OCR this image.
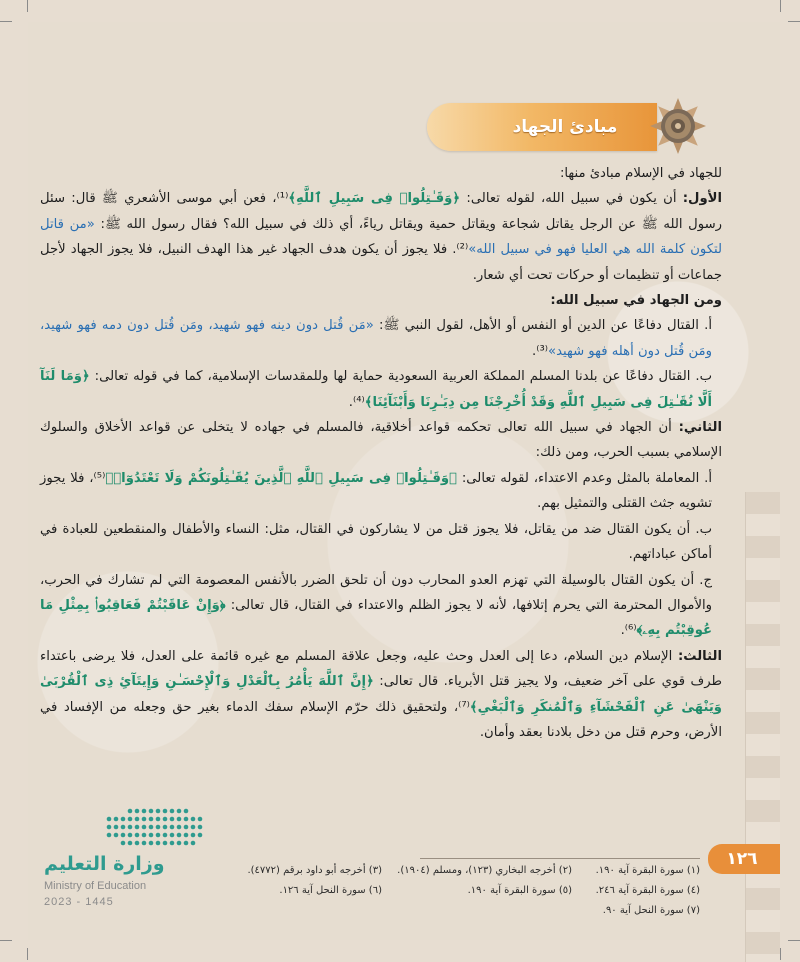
مبادئ الجهاد

للجهاد في الإسلام مبادئ منها:

الأول: أن يكون في سبيل الله، لقوله تعالى: ﴿وَقَـٰتِلُوا۟ فِى سَبِيلِ ٱللَّهِ﴾⁽¹⁾، فعن أبي موسى الأشعري ﷺ قال: سئل رسول الله ﷺ عن الرجل يقاتل شجاعة ويقاتل حمية ويقاتل رياءً، أي ذلك في سبيل الله؟ فقال رسول الله ﷺ: «من قاتل لتكون كلمة الله هي العليا فهو في سبيل الله»⁽²⁾. فلا يجوز أن يكون هدف الجهاد غير هذا الهدف النبيل، فلا يجوز الجهاد لأجل جماعات أو تنظيمات أو حركات تحت أي شعار.

ومن الجهاد في سبيل الله:

أ. القتال دفاعًا عن الدين أو النفس أو الأهل، لقول النبي ﷺ: «مَن قُتل دون دينه فهو شهيد، ومَن قُتل دون دمه فهو شهيد، ومَن قُتل دون أهله فهو شهيد»⁽³⁾.

ب. القتال دفاعًا عن بلدنا المسلم المملكة العربية السعودية حماية لها وللمقدسات الإسلامية، كما في قوله تعالى: ﴿وَمَا لَنَآ أَلَّا نُقَـٰتِلَ فِى سَبِيلِ ٱللَّهِ وَقَدْ أُخْرِجْنَا مِن دِيَـٰرِنَا وَأَبْنَآئِنَا﴾⁽⁴⁾.

الثاني: أن الجهاد في سبيل الله تعالى تحكمه قواعد أخلاقية، فالمسلم في جهاده لا يتخلى عن قواعد الأخلاق والسلوك الإسلامي بسبب الحرب، ومن ذلك:

أ. المعاملة بالمثل وعدم الاعتداء، لقوله تعالى: ﴿وَقَـٰتِلُوا۟ فِى سَبِيلِ ٱللَّهِ ٱلَّذِينَ يُقَـٰتِلُونَكُمْ وَلَا تَعْتَدُوٓا۟﴾⁽⁵⁾، فلا يجوز تشويه جثث القتلى والتمثيل بهم.

ب. أن يكون القتال ضد من يقاتل، فلا يجوز قتل من لا يشاركون في القتال، مثل: النساء والأطفال والمنقطعين للعبادة في أماكن عباداتهم.

ج. أن يكون القتال بالوسيلة التي تهزم العدو المحارب دون أن تلحق الضرر بالأنفس المعصومة التي لم تشارك في الحرب، والأموال المحترمة التي يحرم إتلافها، لأنه لا يجوز الظلم والاعتداء في القتال، قال تعالى: ﴿وَإِنْ عَاقَبْتُمْ فَعَاقِبُوا۟ بِمِثْلِ مَا عُوقِبْتُم بِهِۦ﴾⁽⁶⁾.

الثالث: الإسلام دين السلام، دعا إلى العدل وحث عليه، وجعل علاقة المسلم مع غيره قائمة على العدل، فلا يرضى باعتداء طرف قوي على آخر ضعيف، ولا يجيز قتل الأبرياء. قال تعالى: ﴿إِنَّ ٱللَّهَ يَأْمُرُ بِٱلْعَدْلِ وَٱلْإِحْسَـٰنِ وَإِيتَآئِ ذِى ٱلْقُرْبَىٰ وَيَنْهَىٰ عَنِ ٱلْفَحْشَآءِ وَٱلْمُنكَرِ وَٱلْبَغْىِ﴾⁽⁷⁾، ولتحقيق ذلك حرّم الإسلام سفك الدماء بغير حق وجعله من الإفساد في الأرض، وحرم قتل من دخل بلادنا بعقد وأمان.

وزارة التعليم
Ministry of Education
2023 - 1445
١٢٦
(١) سورة البقرة آية ١٩٠.
(٢) أخرجه البخاري (١٢٣)، ومسلم (١٩٠٤).
(٣) أخرجه أبو داود برقم (٤٧٧٢).
(٤) سورة البقرة آية ٢٤٦.
(٥) سورة البقرة آية ١٩٠.
(٦) سورة النحل آية ١٢٦.
(٧) سورة النحل آية ٩٠.
